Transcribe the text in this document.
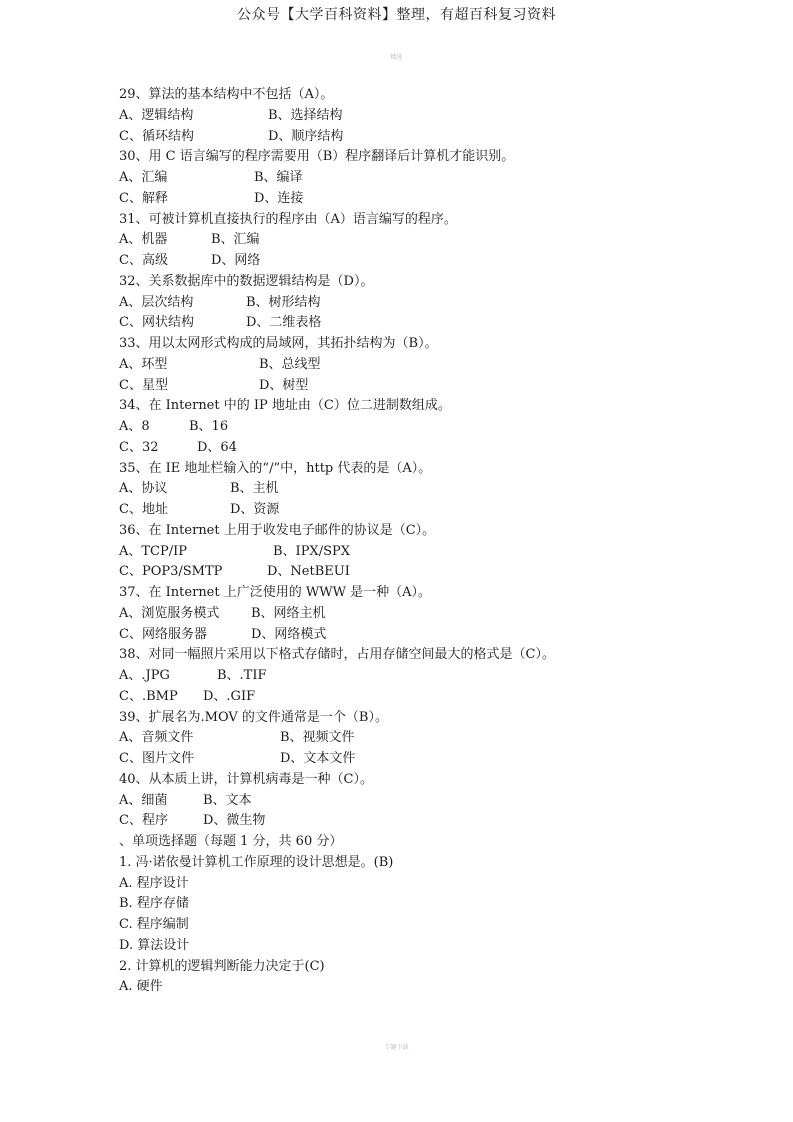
公众号【大学百科资料】整理，有超百科复习资料
精选
29、算法的基本结构中不包括（A）。
A、逻辑结构	B、选择结构
C、循环结构	D、顺序结构
30、用 C 语言编写的程序需要用（B）程序翻译后计算机才能识别。
A、汇编	B、编译
C、解释	D、连接
31、可被计算机直接执行的程序由（A）语言编写的程序。
A、机器	B、汇编
C、高级	D、网络
32、关系数据库中的数据逻辑结构是（D）。
A、层次结构	B、树形结构
C、网状结构	D、二维表格
33、用以太网形式构成的局域网，其拓扑结构为（B）。
A、环型	B、总线型
C、星型	D、树型
34、在 Internet 中的 IP 地址由（C）位二进制数组成。
A、8	B、16
C、32	D、64
35、在 IE 地址栏输入的“/”中，http 代表的是（A）。
A、协议	B、主机
C、地址	D、资源
36、在 Internet 上用于收发电子邮件的协议是（C）。
A、TCP/IP	B、IPX/SPX
C、POP3/SMTP	D、NetBEUI
37、在 Internet 上广泛使用的 WWW 是一种（A）。
A、浏览服务模式 B、网络主机
C、网络服务器	D、网络模式
38、对同一幅照片采用以下格式存储时，占用存储空间最大的格式是（C）。
A、.JPG	B、.TIF
C、.BMP D、.GIF
39、扩展名为.MOV 的文件通常是一个（B）。
A、音频文件	B、视频文件
C、图片文件	D、文本文件
40、从本质上讲，计算机病毒是一种（C）。
A、细菌	B、文本
C、程序	D、微生物
、单项选择题（每题 1 分，共 60 分）
1. 冯·诺依曼计算机工作原理的设计思想是。(B)
A. 程序设计
B. 程序存储
C. 程序编制
D. 算法设计
2. 计算机的逻辑判断能力决定于(C)
A. 硬件
专题下载
